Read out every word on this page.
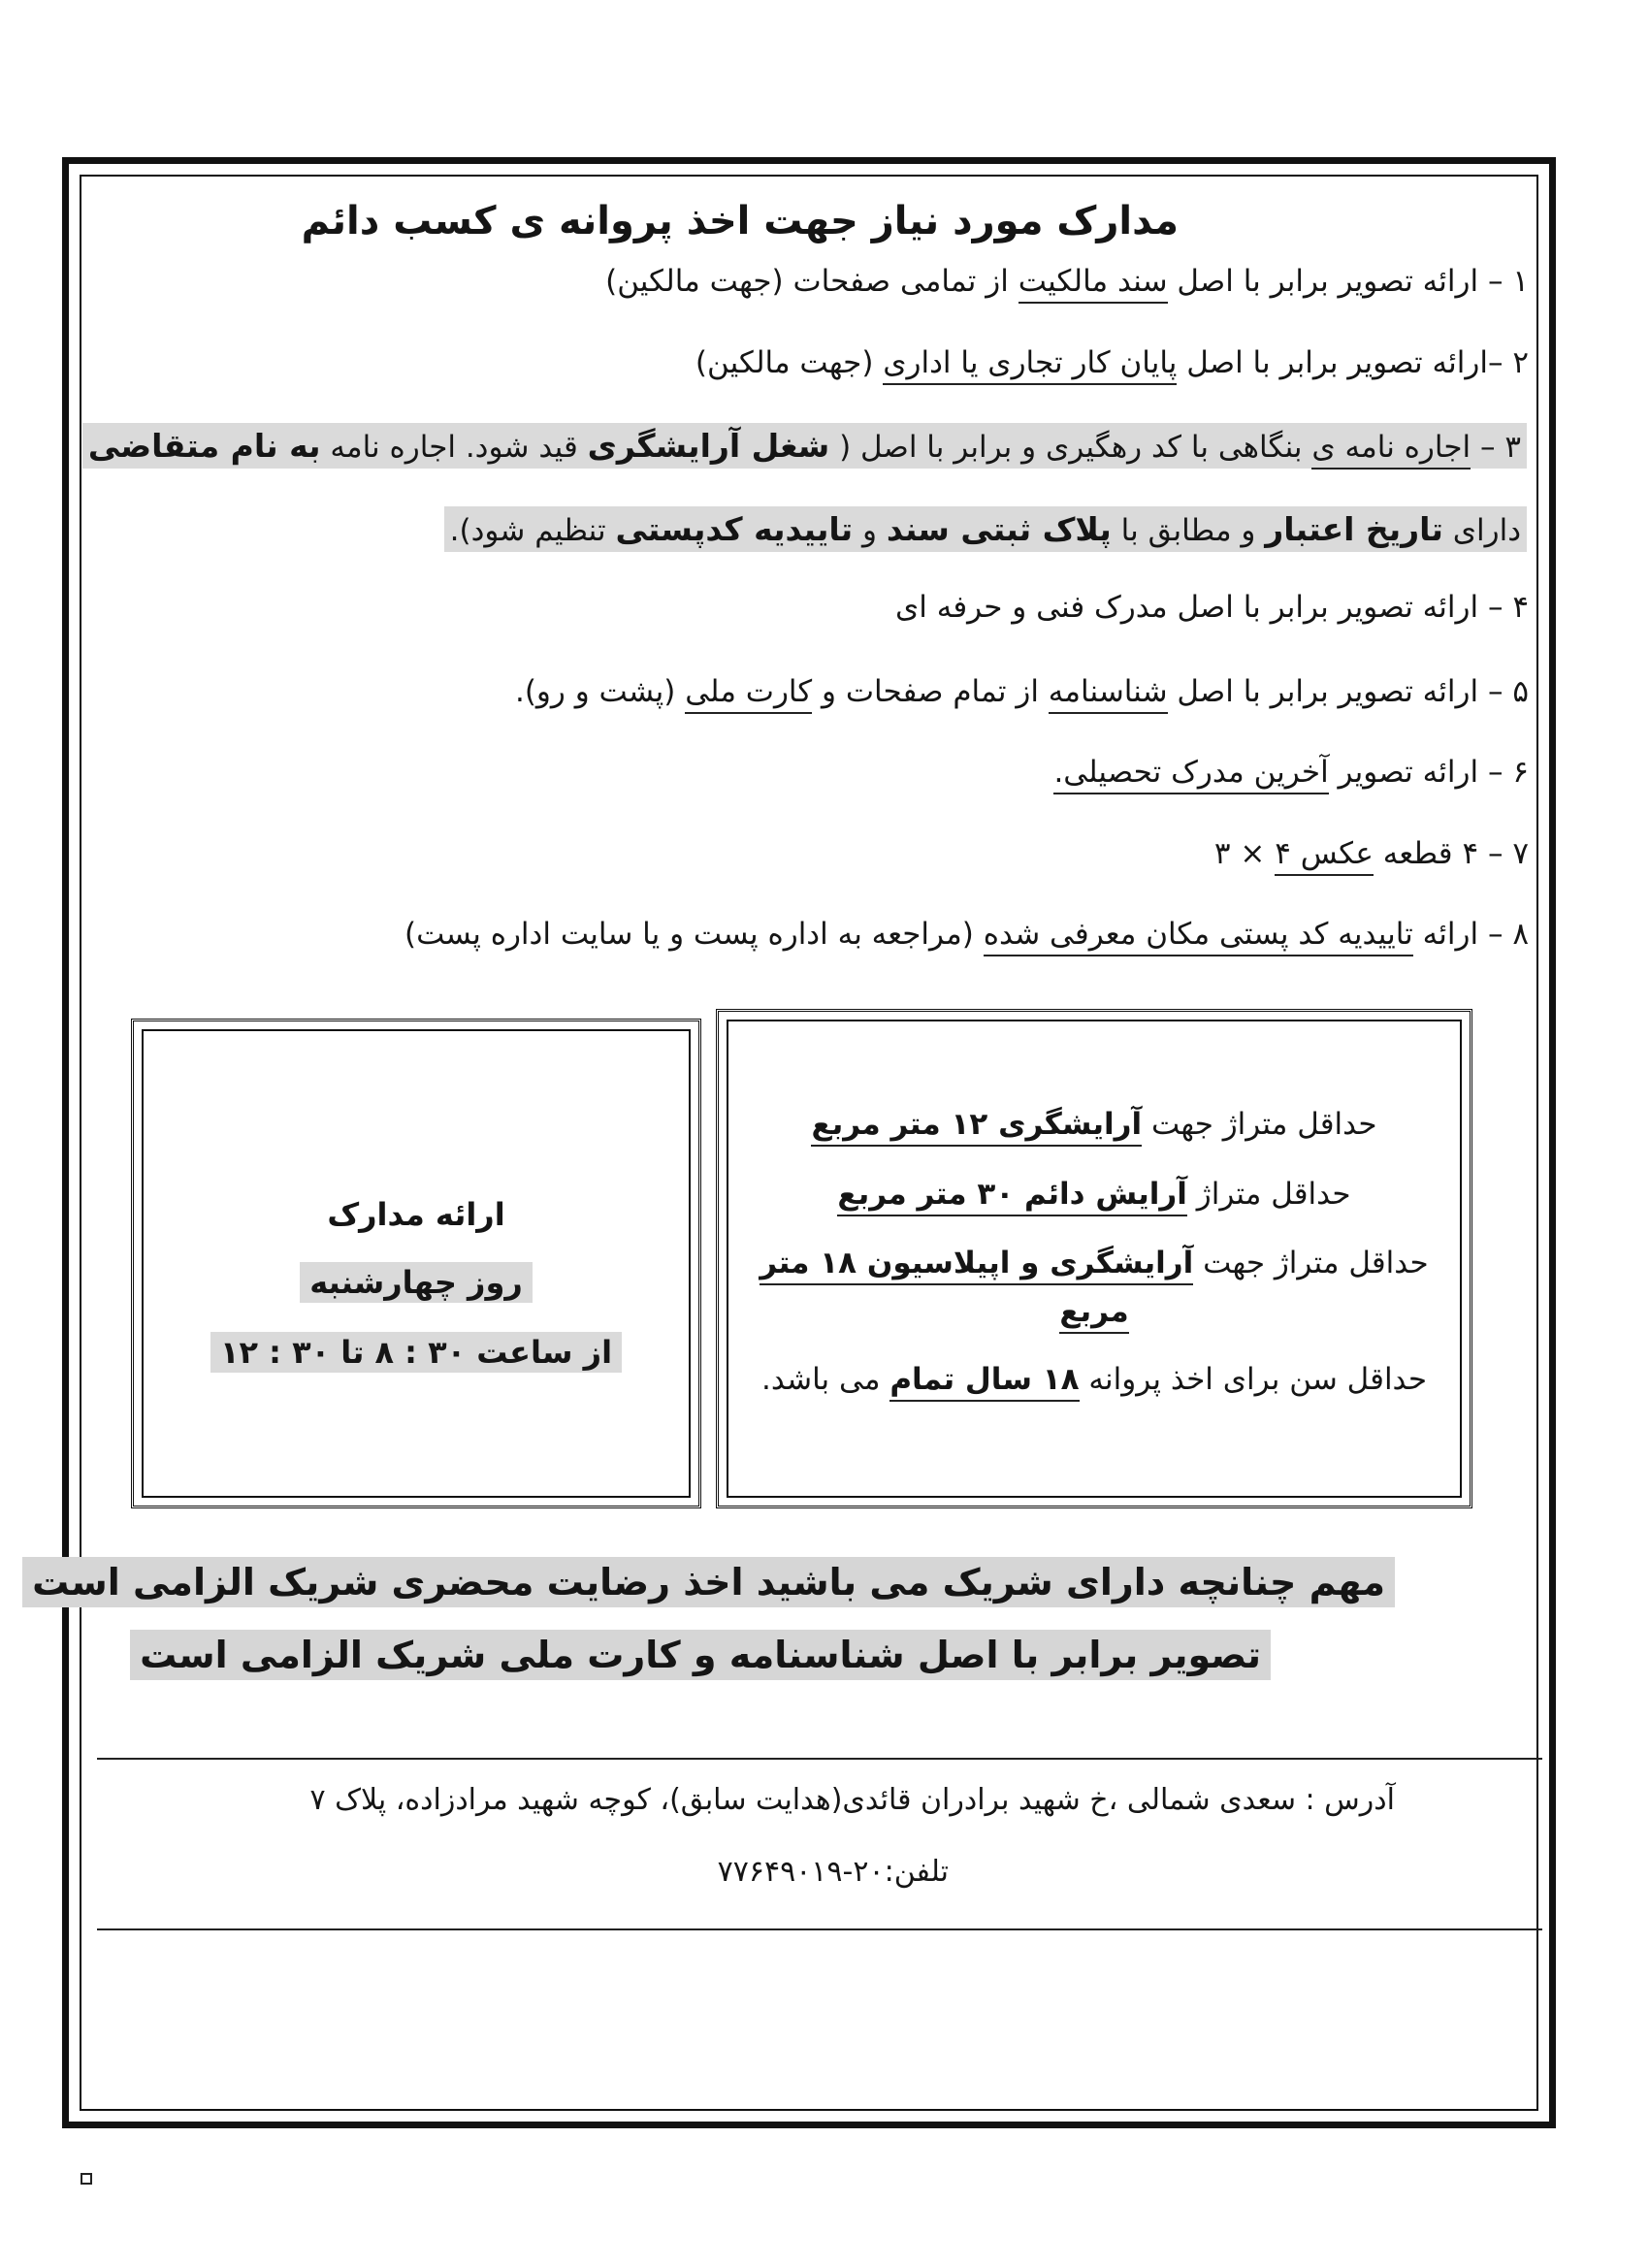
مدارک مورد نیاز جهت اخذ پروانه ی کسب دائم
۱ – ارائه تصویر برابر با اصل سند مالکیت از تمامی صفحات (جهت مالکین)
۲ –ارائه تصویر برابر با اصل پایان کار تجاری یا اداری (جهت مالکین)
۳ – اجاره نامه ی بنگاهی با کد رهگیری و برابر با اصل ( شغل آرایشگری قید شود. اجاره نامه به نام متقاضی
دارای تاریخ اعتبار و مطابق با پلاک ثبتی سند و تاییدیه کدپستی تنظیم شود).
۴ – ارائه تصویر برابر با اصل مدرک فنی و حرفه ای
۵ – ارائه تصویر برابر با اصل شناسنامه از تمام صفحات و کارت ملی (پشت و رو).
۶ – ارائه تصویر آخرین مدرک تحصیلی.
۷ – ۴ قطعه عکس ۴ × ۳
۸ – ارائه تاییدیه کد پستی مکان معرفی شده (مراجعه به اداره پست و یا سایت اداره پست)
حداقل متراژ جهت آرایشگری ۱۲ متر مربع
حداقل متراژ آرایش دائم ۳۰ متر مربع
حداقل متراژ جهت آرایشگری و اپیلاسیون ۱۸ متر مربع
حداقل سن برای اخذ پروانه ۱۸ سال تمام می باشد.
ارائه مدارک
روز چهارشنبه
از ساعت ۳۰ : ۸ تا ۳۰ : ۱۲
مهم چنانچه دارای شریک می باشید اخذ رضایت محضری شریک الزامی است
تصویر برابر با اصل شناسنامه و کارت ملی شریک الزامی است
آدرس : سعدی شمالی ،خ شهید برادران قائدی(هدایت سابق)، کوچه شهید مرادزاده، پلاک ۷
تلفن:۲۰-۷۷۶۴۹۰۱۹
